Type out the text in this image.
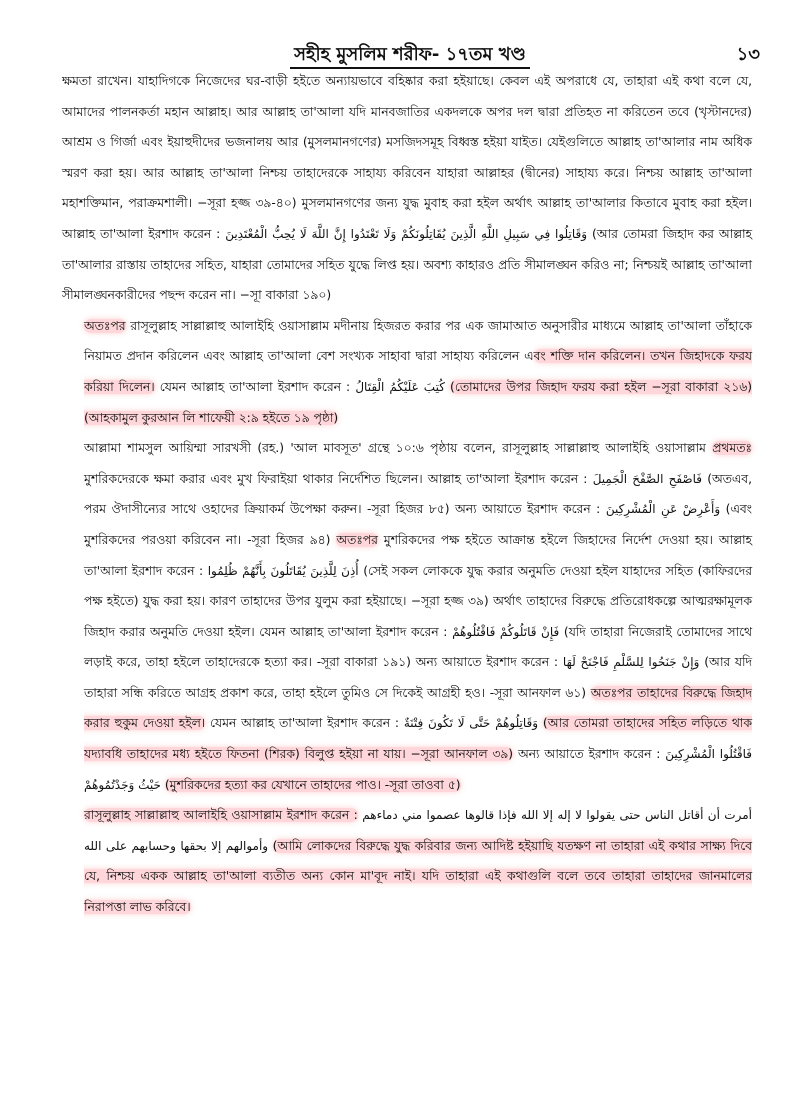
সহীহ মুসলিম শরীফ- ১৭তম খণ্ড	১৩

ক্ষমতা রাখেন। যাহাদিগকে নিজেদের ঘর-বাড়ী হইতে অন্যায়ভাবে বহিষ্কার করা হইয়াছে। কেবল এই অপরাধে যে, তাহারা এই কথা বলে যে, আমাদের পালনকর্তা মহান আল্লাহ। আর আল্লাহ তা'আলা যদি মানবজাতির একদলকে অপর দল দ্বারা প্রতিহত না করিতেন তবে (খৃস্টানদের) আশ্রম ও গির্জা এবং ইয়াহুদীদের ভজনালয় আর (মুসলমানগণের) মসজিদসমূহ বিধ্বস্ত হইয়া যাইত। যেইগুলিতে আল্লাহ তা'আলার নাম অধিক স্মরণ করা হয়। আর আল্লাহ তা'আলা নিশ্চয় তাহাদেরকে সাহায্য করিবেন যাহারা আল্লাহর (দ্বীনের) সাহায্য করে। নিশ্চয় আল্লাহ তা'আলা মহাশক্তিমান, পরাক্রমশালী। −সূরা হজ্জ ৩৯-৪০) মুসলমানগণের জন্য যুদ্ধ মুবাহ করা হইল অর্থাৎ আল্লাহ তা'আলার কিতাবে মুবাহ করা হইল। আল্লাহ তা'আলা ইরশাদ করেন : وَقَاتِلُوا فِي سَبِيلِ اللَّهِ الَّذِينَ يُقَاتِلُونَكُمْ وَلَا تَعْتَدُوا إِنَّ اللَّهَ لَا يُحِبُّ الْمُعْتَدِينَ (আর তোমরা জিহাদ কর আল্লাহ তা'আলার রাস্তায় তাহাদের সহিত, যাহারা তোমাদের সহিত যুদ্ধে লিপ্ত হয়। অবশ্য কাহারও প্রতি সীমালঙ্ঘন করিও না; নিশ্চয়ই আল্লাহ তা'আলা সীমালঙ্ঘনকারীদের পছন্দ করেন না। −সূা বাকারা ১৯০)

অতঃপর রাসূলুল্লাহ সাল্লাল্লাহু আলাইহি ওয়াসাল্লাম মদীনায় হিজরত করার পর এক জামাআত অনুসারীর মাধ্যমে আল্লাহ তা'আলা তাঁহাকে নিয়ামত প্রদান করিলেন এবং আল্লাহ তা'আলা বেশ সংখ্যক সাহাবা দ্বারা সাহায্য করিলেন এবং শক্তি দান করিলেন। তখন জিহাদকে ফরয করিয়া দিলেন। যেমন আল্লাহ তা'আলা ইরশাদ করেন : كُتِبَ عَلَيْكُمُ الْقِتَالُ (তোমাদের উপর জিহাদ ফরয করা হইল −সূরা বাকারা ২১৬) (আহকামুল কুরআন লি শাফেয়ী ২:৯ হইতে ১৯ পৃষ্ঠা)

আল্লামা শামসুল আয়িম্মা সারখসী (রহ.) 'আল মাবসূত' গ্রন্থে ১০:৬ পৃষ্ঠায় বলেন, রাসূলুল্লাহ সাল্লাল্লাহু আলাইহি ওয়াসাল্লাম প্রথমতঃ মুশরিকদেরকে ক্ষমা করার এবং মুখ ফিরাইয়া থাকার নির্দেশিত ছিলেন। আল্লাহ তা'আলা ইরশাদ করেন : فَاصْفَحِ الصَّفْحَ الْجَمِيلَ (অতএব, পরম ঔদাসীন্যের সাথে ওহাদের ক্রিয়াকর্ম উপেক্ষা করুন। -সূরা হিজর ৮৫) অন্য আয়াতে ইরশাদ করেন : وَأَعْرِضْ عَنِ الْمُشْرِكِينَ (এবং মুশরিকদের পরওয়া করিবেন না। -সূরা হিজর ৯৪) অতঃপর মুশরিকদের পক্ষ হইতে আক্রান্ত হইলে জিহাদের নির্দেশ দেওয়া হয়। আল্লাহ তা'আলা ইরশাদ করেন : أُذِنَ لِلَّذِينَ يُقَاتَلُونَ بِأَنَّهُمْ ظُلِمُوا (সেই সকল লোককে যুদ্ধ করার অনুমতি দেওয়া হইল যাহাদের সহিত (কাফিরদের পক্ষ হইতে) যুদ্ধ করা হয়। কারণ তাহাদের উপর যুলুম করা হইয়াছে। −সূরা হজ্জ ৩৯) অর্থাৎ তাহাদের বিরুদ্ধে প্রতিরোধকল্পে আত্মরক্ষামূলক জিহাদ করার অনুমতি দেওয়া হইল। যেমন আল্লাহ তা'আলা ইরশাদ করেন : فَإِنْ قَاتَلُوكُمْ فَاقْتُلُوهُمْ (যদি তাহারা নিজেরাই তোমাদের সাথে লড়াই করে, তাহা হইলে তাহাদেরকে হত্যা কর। -সূরা বাকারা ১৯১) অন্য আয়াতে ইরশাদ করেন : وَإِنْ جَنَحُوا لِلسَّلْمِ فَاجْنَحْ لَهَا (আর যদি তাহারা সন্ধি করিতে আগ্রহ প্রকাশ করে, তাহা হইলে তুমিও সে দিকেই আগ্রহী হও। -সূরা আনফাল ৬১) অতঃপর তাহাদের বিরুদ্ধে জিহাদ করার হুকুম দেওয়া হইল। যেমন আল্লাহ তা'আলা ইরশাদ করেন : وَقَاتِلُوهُمْ حَتَّى لَا تَكُونَ فِتْنَةٌ (আর তোমরা তাহাদের সহিত লড়িতে থাক যদ্যাবধি তাহাদের মধ্য হইতে ফিতনা (শিরক) বিলুপ্ত হইয়া না যায়। −সূরা আনফাল ৩৯) অন্য আয়াতে ইরশাদ করেন : فَاقْتُلُوا الْمُشْرِكِينَ حَيْثُ وَجَدْتُمُوهُمْ (মুশরিকদের হত্যা কর যেখানে তাহাদের পাও। -সূরা তাওবা ৫)

রাসূলুল্লাহ সাল্লাল্লাহু আলাইহি ওয়াসাল্লাম ইরশাদ করেন : أمرت أن أقاتل الناس حتى يقولوا لا إله إلا الله فإذا قالوها عصموا مني دماءهم وأموالهم إلا بحقها وحسابهم على الله (আমি লোকদের বিরুদ্ধে যুদ্ধ করিবার জন্য আদিষ্ট হইয়াছি যতক্ষণ না তাহারা এই কথার সাক্ষ্য দিবে যে, নিশ্চয় একক আল্লাহ তা'আলা ব্যতীত অন্য কোন মা'বূদ নাই। যদি তাহারা এই কথাগুলি বলে তবে তাহারা তাহাদের জানমালের নিরাপত্তা লাভ করিবে।
